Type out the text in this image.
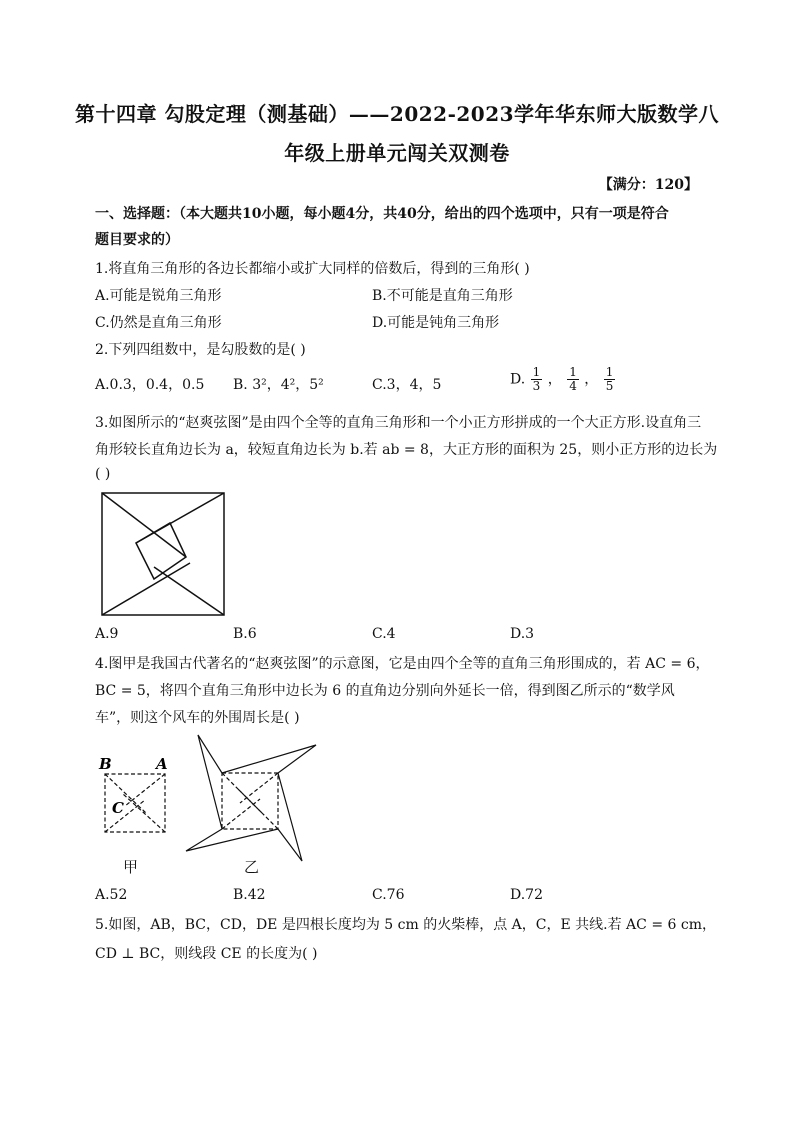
第十四章 勾股定理（测基础）——2022-2023学年华东师大版数学八
年级上册单元闯关双测卷
【满分：120】
一、选择题：（本大题共10小题，每小题4分，共40分，给出的四个选项中，只有一项是符合
题目要求的）
1.将直角三角形的各边长都缩小或扩大同样的倍数后，得到的三角形( )
A.可能是锐角三角形	B.不可能是直角三角形
C.仍然是直角三角形	D.可能是钝角三角形
2.下列四组数中，是勾股数的是( )
A.0.3，0.4，0.5 B. 3²，4²，5²	C.3，4，5	D. $\frac{1}{3}$ ， $\frac{1}{4}$ ， $\frac{1}{5}$
3.如图所示的“赵爽弦图”是由四个全等的直角三角形和一个小正方形拼成的一个大正方形.设直角三
角形较长直角边长为 a，较短直角边长为 b.若 ab = 8，大正方形的面积为 25，则小正方形的边长为
( )
A.9	B.6	C.4	D.3
4.图甲是我国古代著名的“赵爽弦图”的示意图，它是由四个全等的直角三角形围成的，若 AC = 6，
BC = 5，将四个直角三角形中边长为 6 的直角边分别向外延长一倍，得到图乙所示的“数学风
车”，则这个风车的外围周长是( )
B	A
C
甲	乙
A.52	B.42	C.76	D.72
5.如图，AB，BC，CD，DE 是四根长度均为 5 cm 的火柴棒，点 A，C，E 共线.若 AC = 6 cm，
CD ⊥ BC，则线段 CE 的长度为( )
